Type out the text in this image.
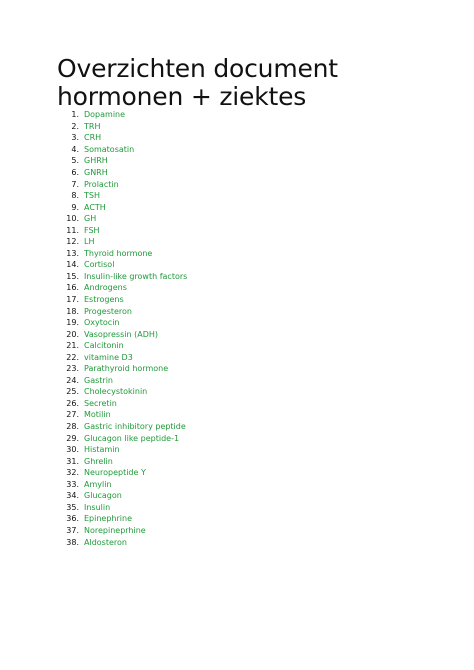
Overzichten document
hormonen + ziektes
1. Dopamine
2. TRH
3. CRH
4. Somatosatin
5. GHRH
6. GNRH
7. Prolactin
8. TSH
9. ACTH
10. GH
11. FSH
12. LH
13. Thyroid hormone
14. Cortisol
15. Insulin-like growth factors
16. Androgens
17. Estrogens
18. Progesteron
19. Oxytocin
20. Vasopressin (ADH)
21. Calcitonin
22. vitamine D3
23. Parathyroid hormone
24. Gastrin
25. Cholecystokinin
26. Secretin
27. Motilin
28. Gastric inhibitory peptide
29. Glucagon like peptide-1
30. Histamin
31. Ghrelin
32. Neuropeptide Y
33. Amylin
34. Glucagon
35. Insulin
36. Epinephrine
37. Norepineprhine
38. Aldosteron
